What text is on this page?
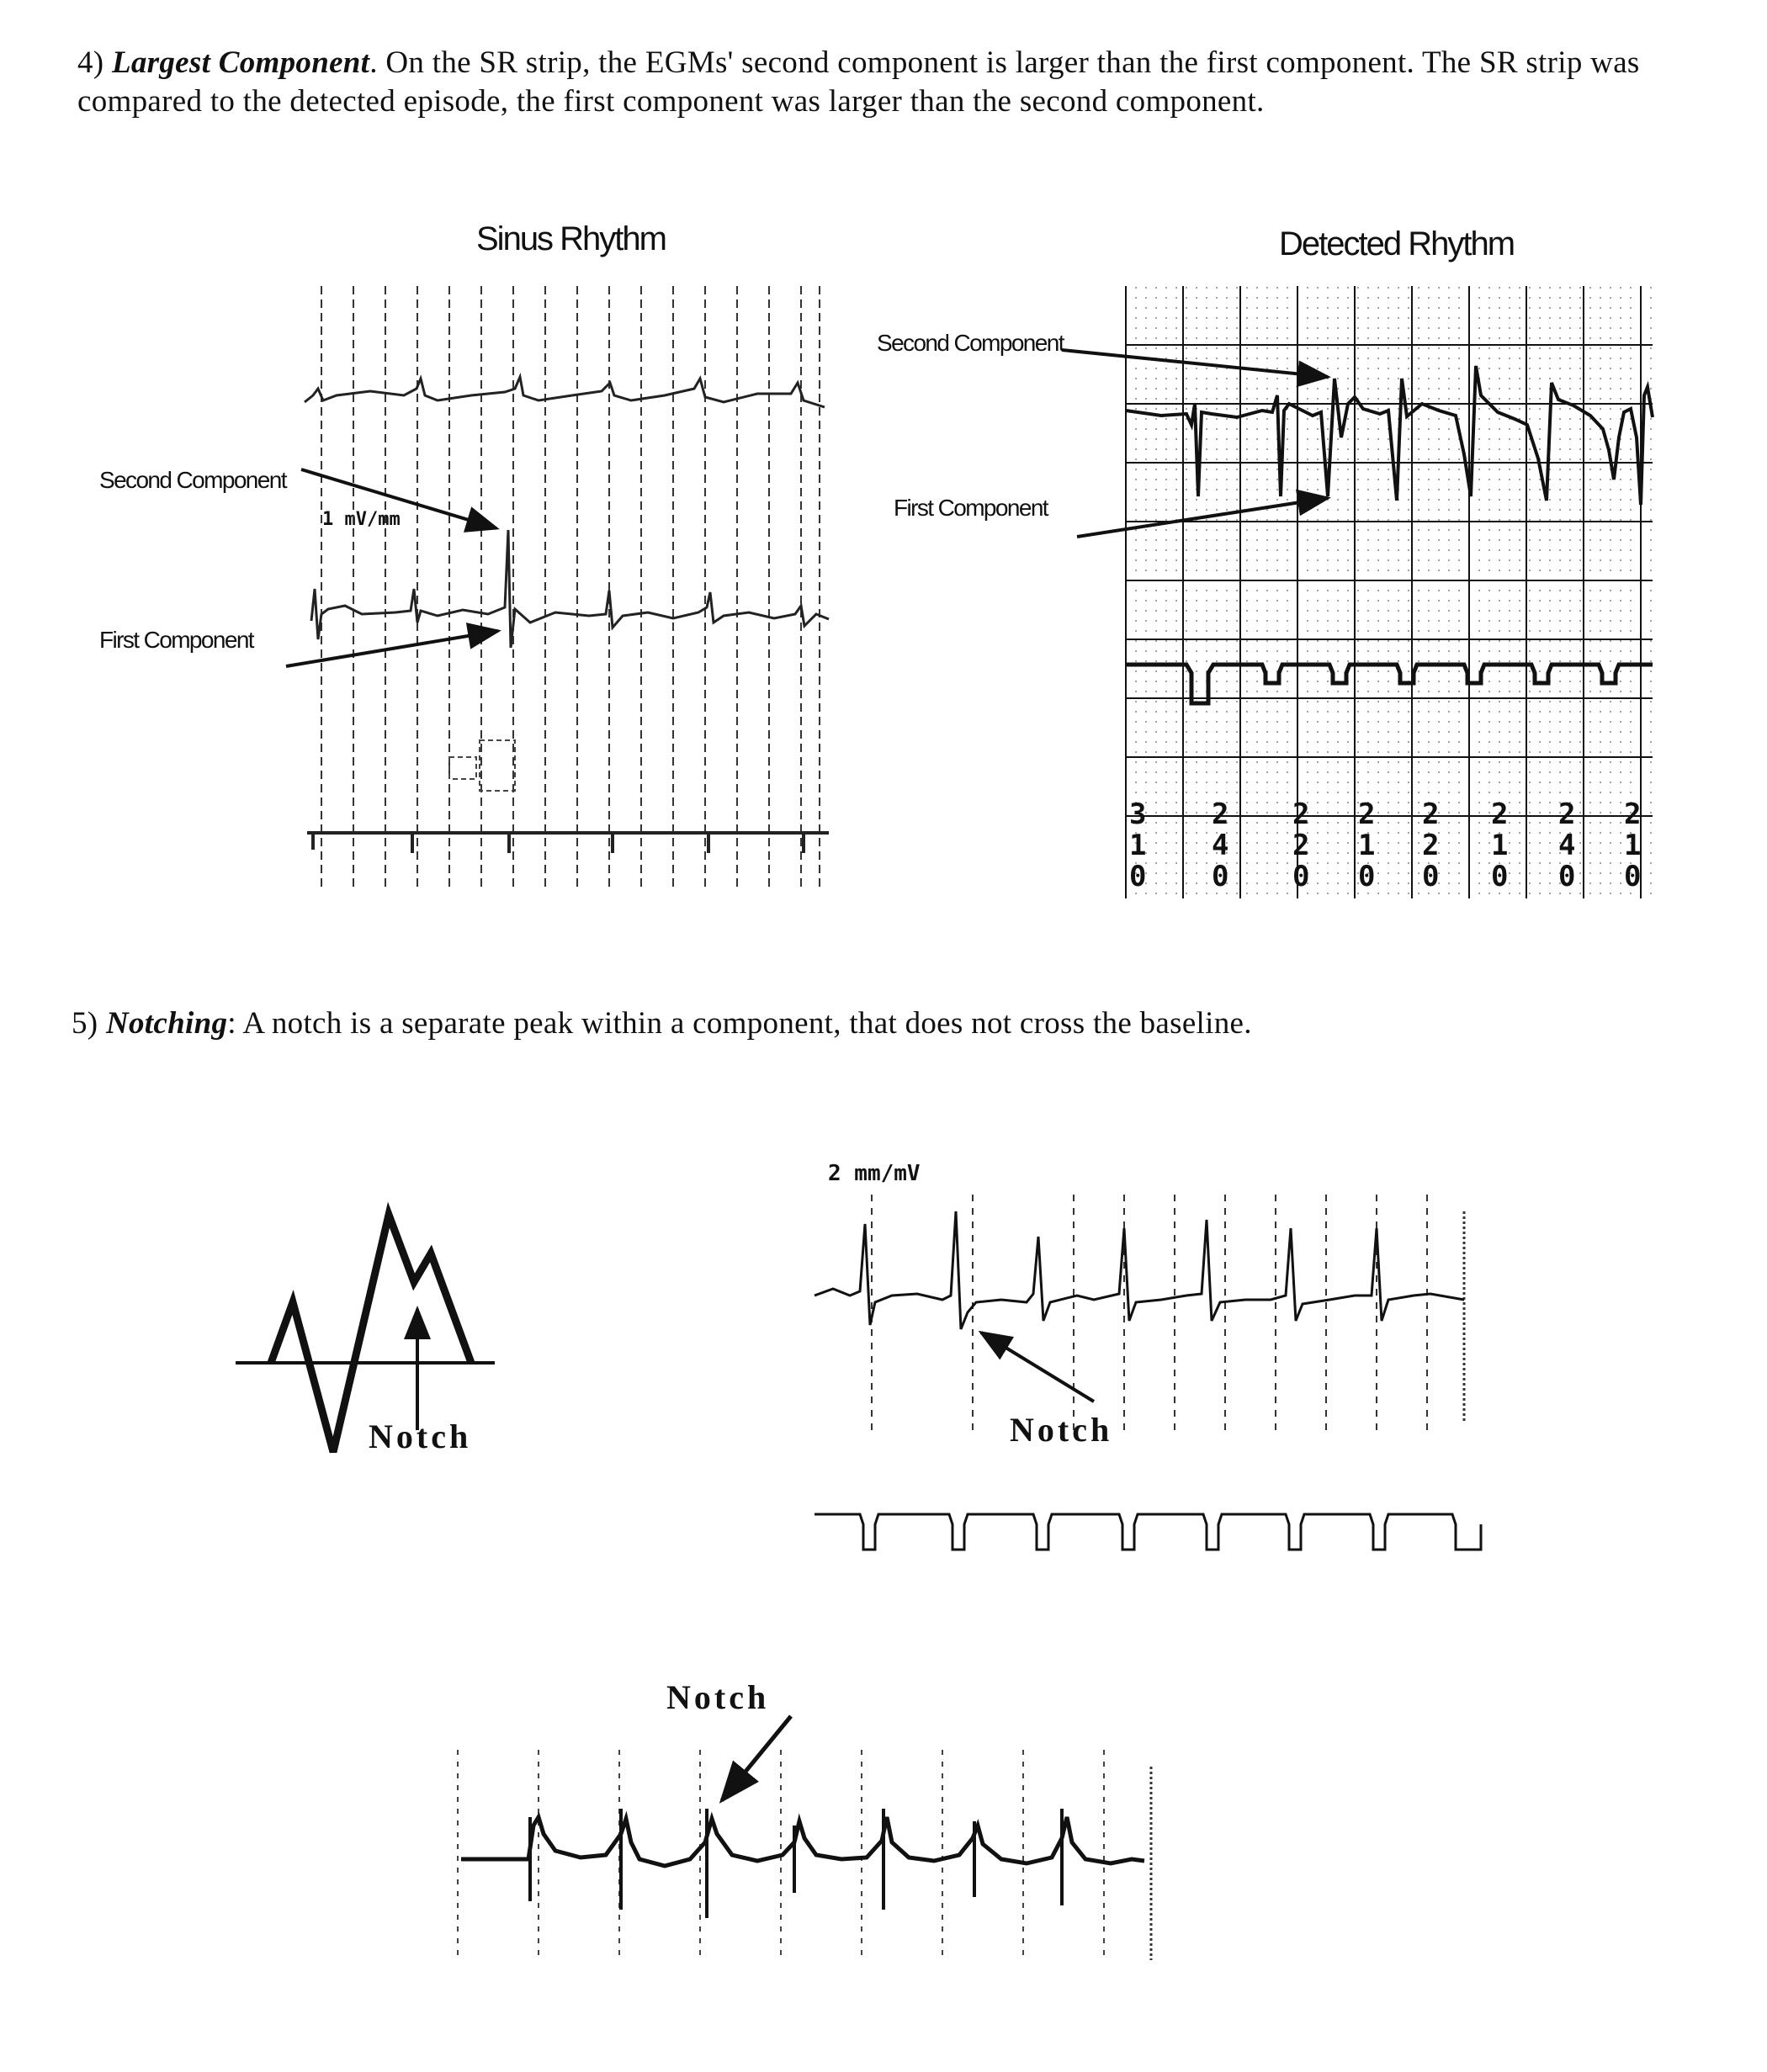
4) Largest Component. On the SR strip, the EGMs' second component is larger than the first component. The SR strip was compared to the detected episode, the first component was larger than the second component.
Sinus Rhythm
Second Component
First Component
1 mV/mm
Detected Rhythm
Second Component
First Component
3
1
0
2
4
0
2
2
0
2
1
0
2
2
0
2
1
0
2
4
0
2
1
0
5) Notching: A notch is a separate peak within a component, that does not cross the baseline.
Notch
2 mm/mV
Notch
Notch
